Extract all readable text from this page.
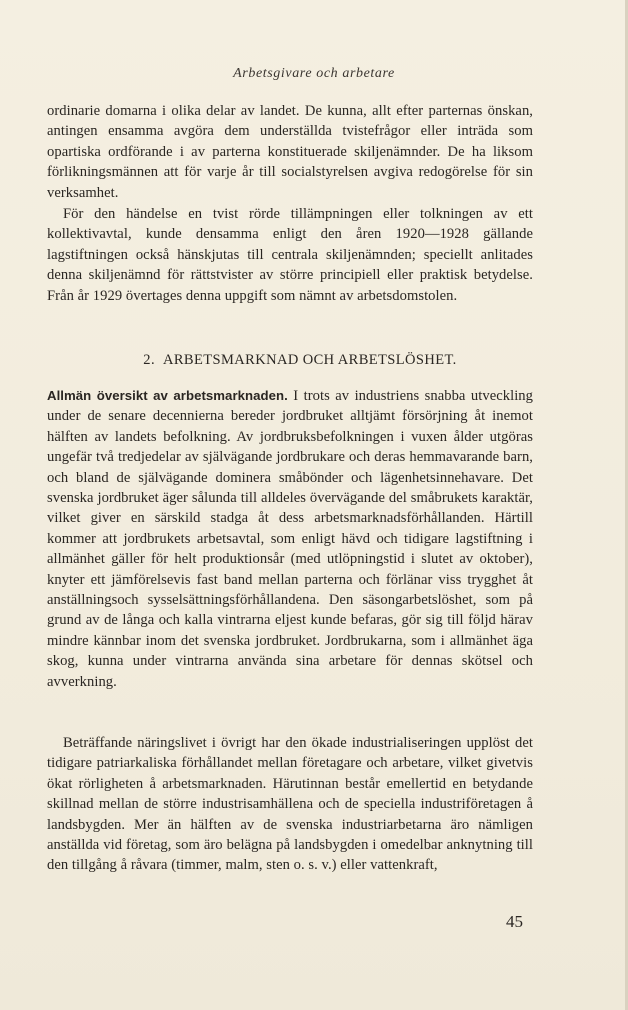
Arbetsgivare och arbetare
ordinarie domarna i olika delar av landet. De kunna, allt efter parternas önskan, antingen ensamma avgöra dem underställda tvistefrågor eller inträda som opartiska ordförande i av parterna konstituerade skiljenämnder. De ha liksom förlikningsmännen att för varje år till socialstyrelsen avgiva redogörelse för sin verksamhet.
För den händelse en tvist rörde tillämpningen eller tolkningen av ett kollektivavtal, kunde densamma enligt den åren 1920—1928 gällande lagstiftningen också hänskjutas till centrala skiljenämnden; speciellt anlitades denna skiljenämnd för rättstvister av större principiell eller praktisk betydelse. Från år 1929 övertages denna uppgift som nämnt av arbetsdomstolen.
2. ARBETSMARKNAD OCH ARBETSLÖSHET.
Allmän översikt av arbetsmarknaden. I trots av industriens snabba utveckling under de senare decennierna bereder jordbruket alltjämt försörjning åt inemot hälften av landets befolkning. Av jordbruksbefolkningen i vuxen ålder utgöras ungefär två tredjedelar av självägande jordbrukare och deras hemmavarande barn, och bland de självägande dominera småbönder och lägenhetsinnehavare. Det svenska jordbruket äger sålunda till alldeles övervägande del småbrukets karaktär, vilket giver en särskild stadga åt dess arbetsmarknadsförhållanden. Härtill kommer att jordbrukets arbetsavtal, som enligt hävd och tidigare lagstiftning i allmänhet gäller för helt produktionsår (med utlöpningstid i slutet av oktober), knyter ett jämförelsevis fast band mellan parterna och förlänar viss trygghet åt anställningsoch sysselsättningsförhållandena. Den säsongarbetslöshet, som på grund av de långa och kalla vintrarna eljest kunde befaras, gör sig till följd härav mindre kännbar inom det svenska jordbruket. Jordbrukarna, som i allmänhet äga skog, kunna under vintrarna använda sina arbetare för dennas skötsel och avverkning.
Beträffande näringslivet i övrigt har den ökade industrialiseringen upplöst det tidigare patriarkaliska förhållandet mellan företagare och arbetare, vilket givetvis ökat rörligheten å arbetsmarknaden. Härutinnan består emellertid en betydande skillnad mellan de större industrisamhällena och de speciella industriföretagen å landsbygden. Mer än hälften av de svenska industriarbetarna äro nämligen anställda vid företag, som äro belägna på landsbygden i omedelbar anknytning till den tillgång å råvara (timmer, malm, sten o. s. v.) eller vattenkraft,
45
